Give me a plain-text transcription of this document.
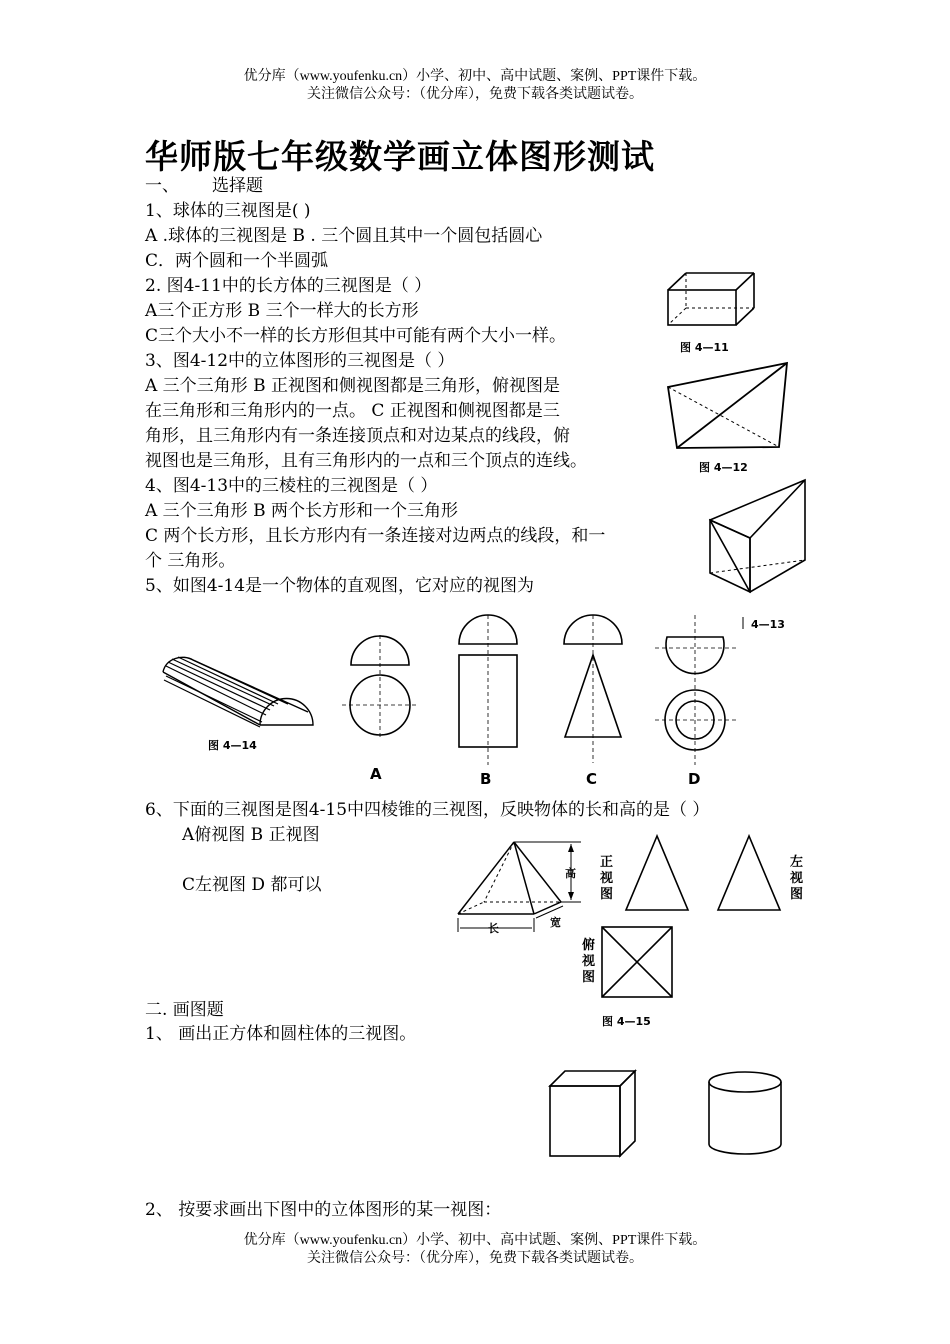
优分库（www.youfenku.cn）小学、初中、高中试题、案例、PPT课件下载。
关注微信公众号：（优分库），免费下载各类试题试卷。
华师版七年级数学画立体图形测试
一、 选择题
1、球体的三视图是( )
A .球体的三视图是 B . 三个圆且其中一个圆包括圆心
C．两个圆和一个半圆弧
2. 图4-11中的长方体的三视图是（ ）
A三个正方形 B 三个一样大的长方形
C三个大小不一样的长方形但其中可能有两个大小一样。
3、图4-12中的立体图形的三视图是（ ）
A 三个三角形 B 正视图和侧视图都是三角形，俯视图是
在三角形和三角形内的一点。 C 正视图和侧视图都是三
角形，且三角形内有一条连接顶点和对边某点的线段，俯
视图也是三角形，且有三角形内的一点和三个顶点的连线。
4、图4-13中的三棱柱的三视图是（ ）
A 三个三角形 B 两个长方形和一个三角形
C 两个长方形，且长方形内有一条连接对边两点的线段，和一
个 三角形。
5、如图4-14是一个物体的直观图，它对应的视图为
6、下面的三视图是图4-15中四棱锥的三视图，反映物体的长和高的是（ ）
A俯视图 B 正视图
C左视图 D 都可以
二. 画图题
1、 画出正方体和圆柱体的三视图。
2、 按要求画出下图中的立体图形的某一视图：
优分库（www.youfenku.cn）小学、初中、高中试题、案例、PPT课件下载。
关注微信公众号：（优分库），免费下载各类试题试卷。
图 4—11
图 4—12
4—13
图 4—14
A	B	C	D
高
长	宽
正视图
左视图
俯视图
图 4—15
